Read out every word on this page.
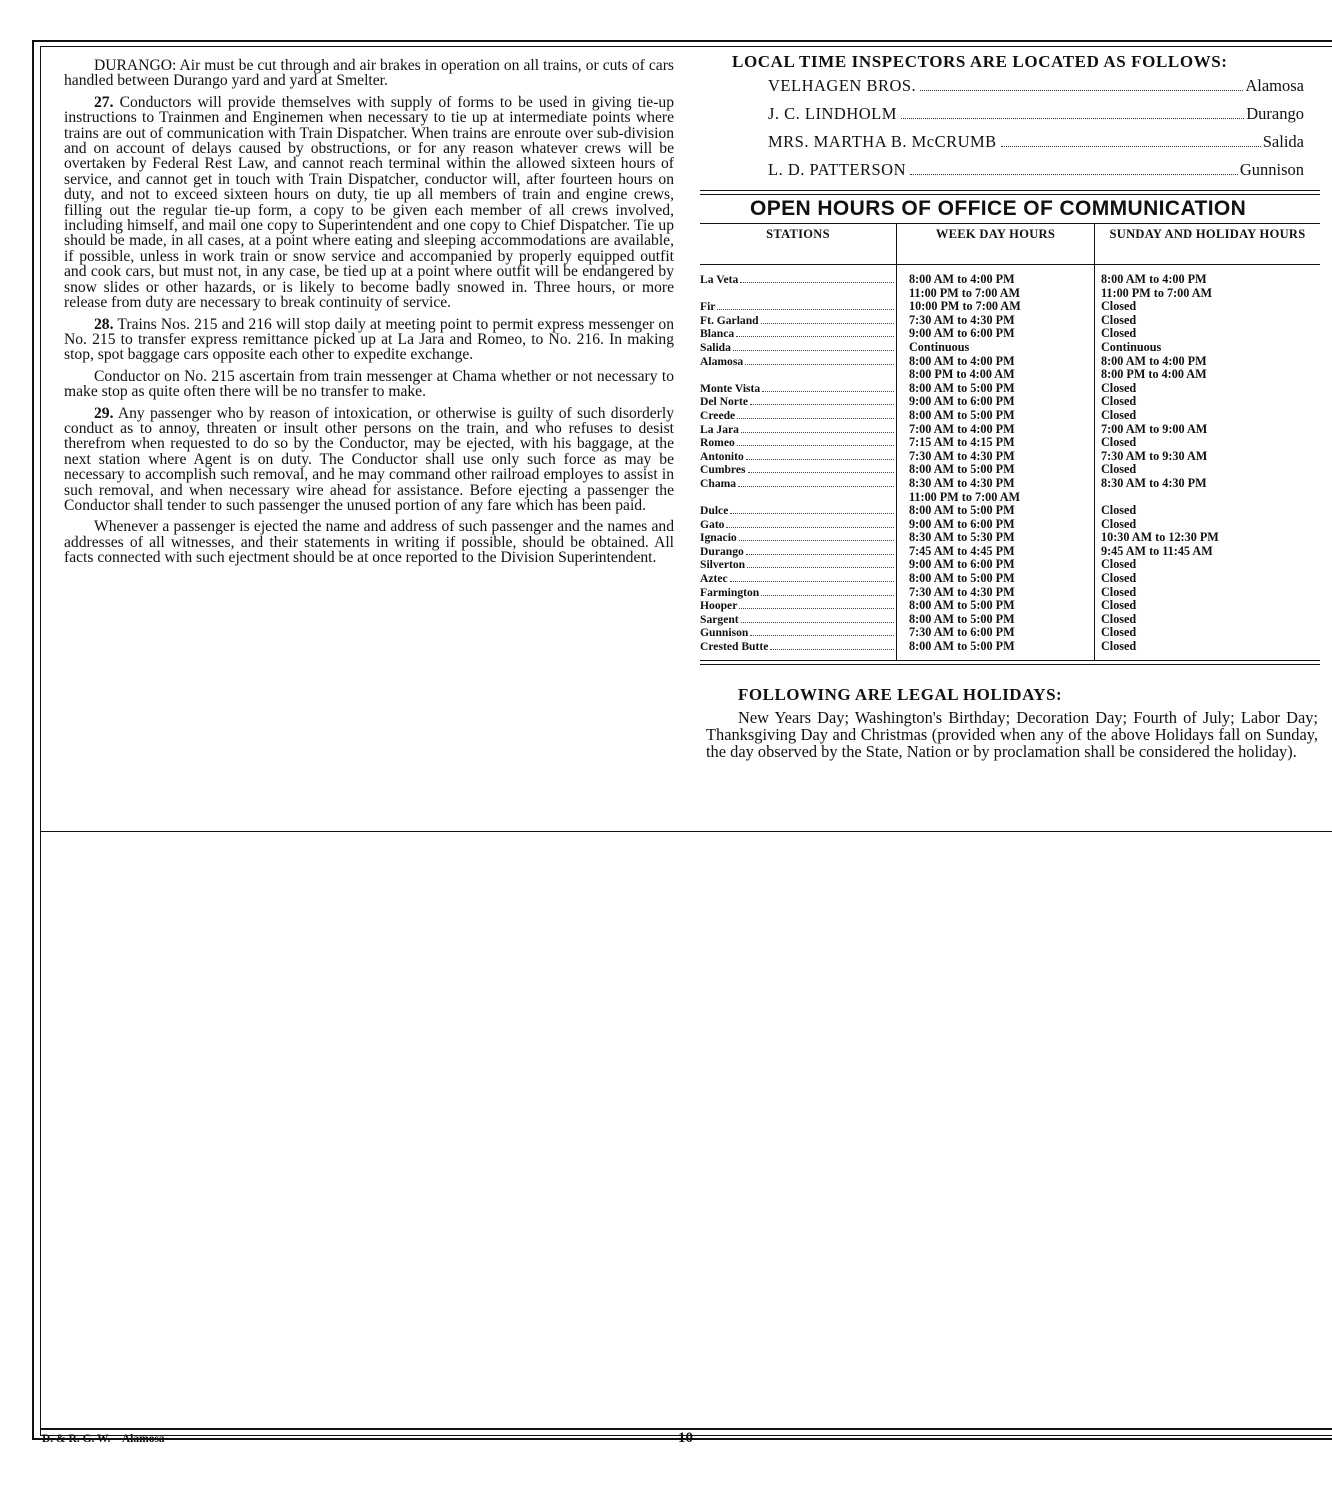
DURANGO: Air must be cut through and air brakes in operation on all trains, or cuts of cars handled between Durango yard and yard at Smelter.

27. Conductors will provide themselves with supply of forms to be used in giving tie-up instructions to Trainmen and Enginemen when necessary to tie up at intermediate points where trains are out of communication with Train Dispatcher. When trains are enroute over sub-division and on account of delays caused by obstructions, or for any reason whatever crews will be overtaken by Federal Rest Law, and cannot reach terminal within the allowed sixteen hours of service, and cannot get in touch with Train Dispatcher, conductor will, after fourteen hours on duty, and not to exceed sixteen hours on duty, tie up all members of train and engine crews, filling out the regular tie-up form, a copy to be given each member of all crews involved, including himself, and mail one copy to Superintendent and one copy to Chief Dispatcher. Tie up should be made, in all cases, at a point where eating and sleeping accommodations are available, if possible, unless in work train or snow service and accompanied by properly equipped outfit and cook cars, but must not, in any case, be tied up at a point where outfit will be endangered by snow slides or other hazards, or is likely to become badly snowed in. Three hours, or more release from duty are necessary to break continuity of service.

28. Trains Nos. 215 and 216 will stop daily at meeting point to permit express messenger on No. 215 to transfer express remittance picked up at La Jara and Romeo, to No. 216. In making stop, spot baggage cars opposite each other to expedite exchange.

Conductor on No. 215 ascertain from train messenger at Chama whether or not necessary to make stop as quite often there will be no transfer to make.

29. Any passenger who by reason of intoxication, or otherwise is guilty of such disorderly conduct as to annoy, threaten or insult other persons on the train, and who refuses to desist therefrom when requested to do so by the Conductor, may be ejected, with his baggage, at the next station where Agent is on duty. The Conductor shall use only such force as may be necessary to accomplish such removal, and he may command other railroad employes to assist in such removal, and when necessary wire ahead for assistance. Before ejecting a passenger the Conductor shall tender to such passenger the unused portion of any fare which has been paid.

Whenever a passenger is ejected the name and address of such passenger and the names and addresses of all witnesses, and their statements in writing if possible, should be obtained. All facts connected with such ejectment should be at once reported to the Division Superintendent.

LOCAL TIME INSPECTORS ARE LOCATED AS FOLLOWS:
VELHAGEN BROS.	Alamosa
J. C. LINDHOLM	Durango
MRS. MARTHA B. McCRUMB	Salida
L. D. PATTERSON	Gunnison
OPEN HOURS OF OFFICE OF COMMUNICATION
STATIONS	WEEK DAY HOURS	SUNDAY AND HOLIDAY HOURS

La Veta	8:00 AM to 4:00 PM	8:00 AM to 4:00 PM
	11:00 PM to 7:00 AM	11:00 PM to 7:00 AM

Fir	10:00 PM to 7:00 AM	Closed

Ft. Garland	7:30 AM to 4:30 PM	Closed

Blanca	9:00 AM to 6:00 PM	Closed

Salida	Continuous	Continuous

Alamosa	8:00 AM to 4:00 PM	8:00 AM to 4:00 PM
	8:00 PM to 4:00 AM	8:00 PM to 4:00 AM

Monte Vista	8:00 AM to 5:00 PM	Closed

Del Norte	9:00 AM to 6:00 PM	Closed

Creede	8:00 AM to 5:00 PM	Closed

La Jara	7:00 AM to 4:00 PM	7:00 AM to 9:00 AM

Romeo	7:15 AM to 4:15 PM	Closed

Antonito	7:30 AM to 4:30 PM	7:30 AM to 9:30 AM

Cumbres	8:00 AM to 5:00 PM	Closed

Chama	8:30 AM to 4:30 PM	8:30 AM to 4:30 PM
	11:00 PM to 7:00 AM	

Dulce	8:00 AM to 5:00 PM	Closed

Gato	9:00 AM to 6:00 PM	Closed

Ignacio	8:30 AM to 5:30 PM	10:30 AM to 12:30 PM

Durango	7:45 AM to 4:45 PM	9:45 AM to 11:45 AM

Silverton	9:00 AM to 6:00 PM	Closed

Aztec	8:00 AM to 5:00 PM	Closed

Farmington	7:30 AM to 4:30 PM	Closed

Hooper	8:00 AM to 5:00 PM	Closed

Sargent	8:00 AM to 5:00 PM	Closed

Gunnison	7:30 AM to 6:00 PM	Closed

Crested Butte	8:00 AM to 5:00 PM	Closed
FOLLOWING ARE LEGAL HOLIDAYS:
New Years Day; Washington's Birthday; Decoration Day; Fourth of July; Labor Day; Thanksgiving Day and Christmas (provided when any of the above Holidays fall on Sunday, the day observed by the State, Nation or by proclamation shall be considered the holiday).
D. & R. G. W.—Alamosa	10
